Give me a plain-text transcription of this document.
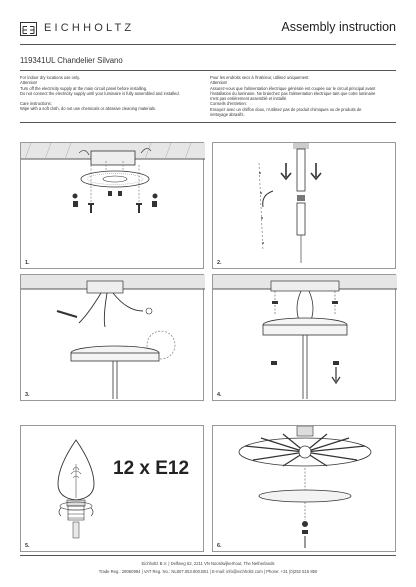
EICHHOLTZ	Assembly instruction
119341UL Chandelier Silvano

For indoor dry locations use only.

Attention!

Turn off the electricity supply at the main circuit panel before installing.

Do not connect the electricity supply until your luminaire is fully assembled and installed.

Care instructions:

Wipe with a soft cloth, do not use chemicals or abrasive cleaning materials.

Pour les endroits secs à l'intérieur, utilisez uniquement

Attention!

Assurez-vous que l'alimentation électrique générale est coupée sur le circuit principal avant

l'installation du luminaire. Ne branchez pas l'alimentation électrique tant que cotre luminaire

n'est pas entièrement assemblé et installé.

Conseils d'entretien:

Essuyez avec un chiffon doux, n'utilisez pas de produit chimiques ou de produits de

nettoyage abrasifs.

1.	2.
3.	4.
12 x E12
5.	6.
Eichholtz B.V. | Delfweg 52, 2211 VN Noordwijkerhout, The Netherlands
Trade Reg.: 28060994 | VAT Reg. No.: NL807.053.600.B01 | E-mail: info@eichholtz.com | Phone: +31 (0)252 515 850
